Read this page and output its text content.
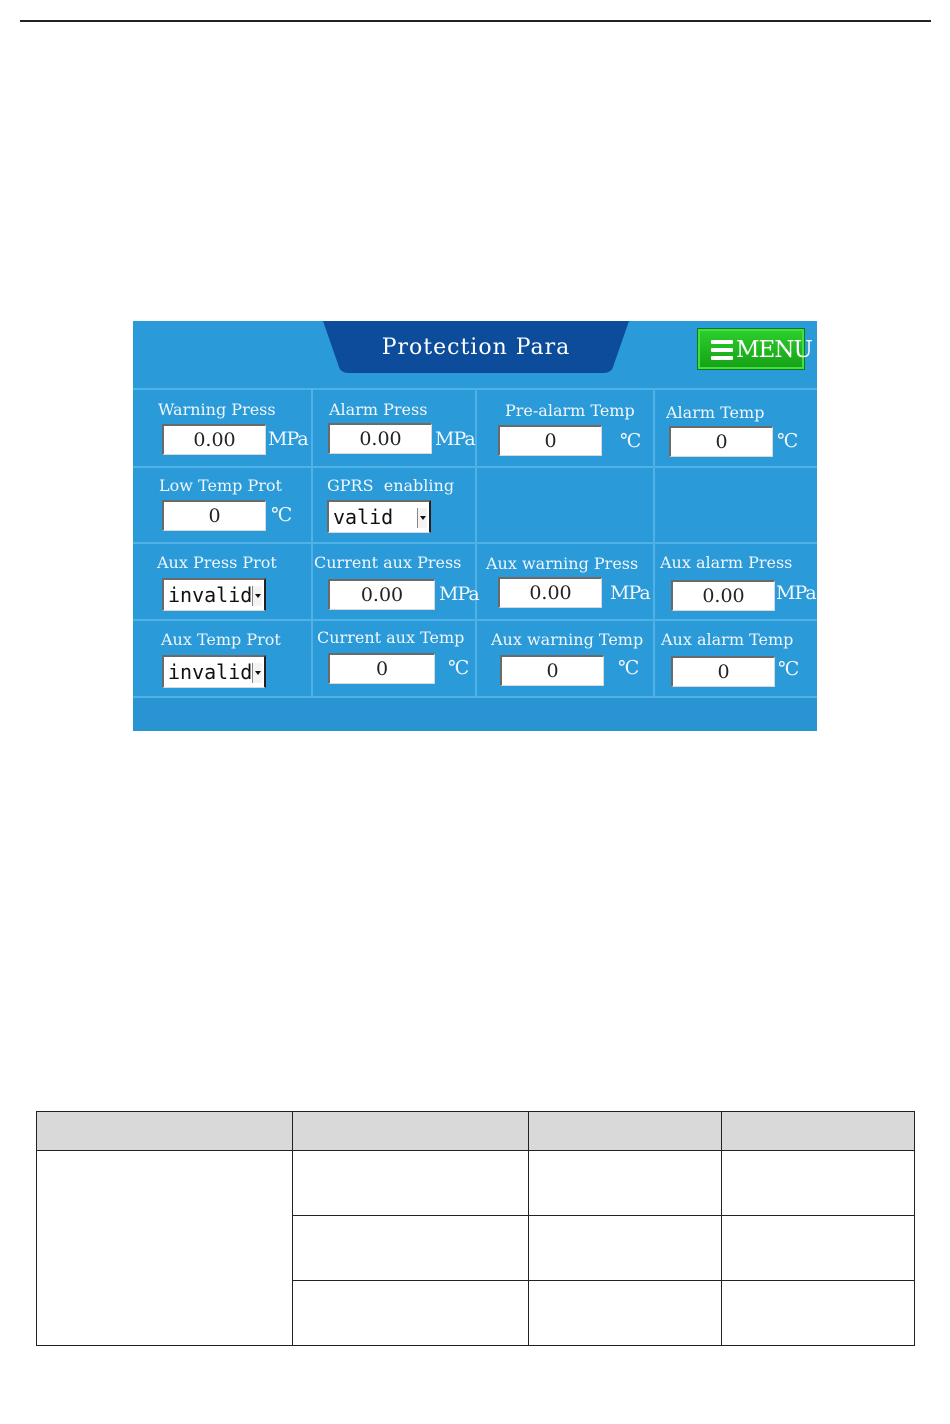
Protection Para	MENU
Warning Press
0.00	MPa
Alarm Press
0.00	MPa
Pre-alarm Temp
0	℃
Alarm Temp
0	℃
Low Temp Prot
0	℃
GPRS  enabling
valid
Aux Press Prot
invalid
Current aux Press
0.00	MPa
Aux warning Press
0.00	MPa
Aux alarm Press
0.00	MPa
Aux Temp Prot
invalid
Current aux Temp
0	℃
Aux warning Temp
0	℃
Aux alarm Temp
0	℃
